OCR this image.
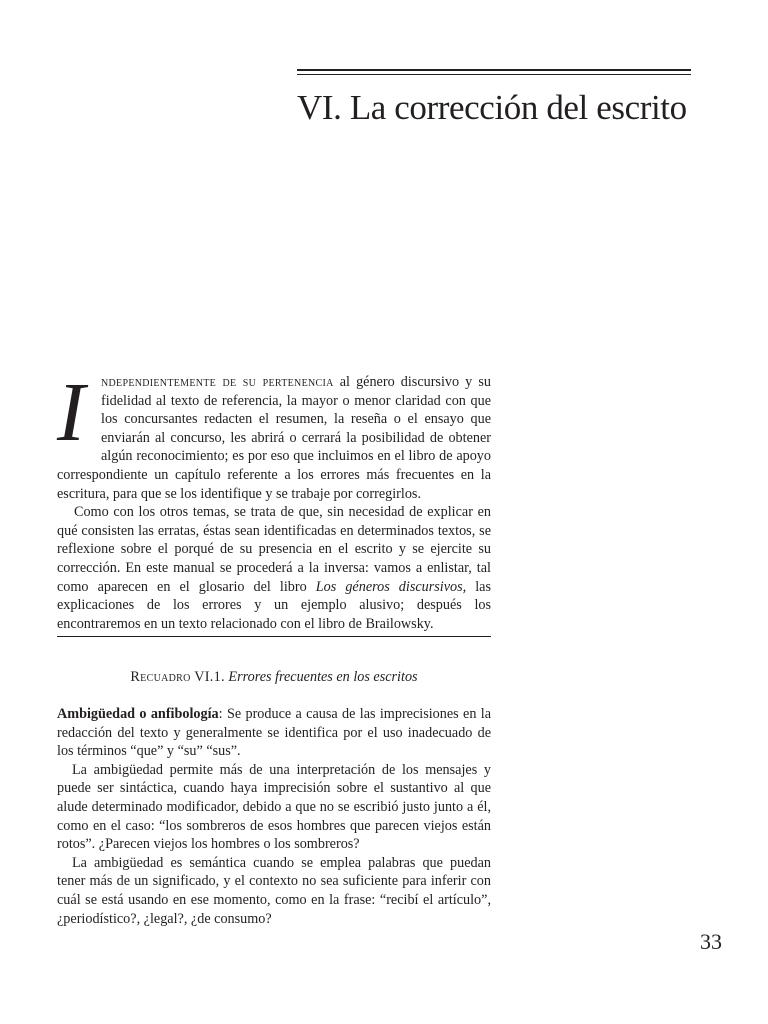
VI. La corrección del escrito

I	ndependientemente de su pertenencia al género discursivo y su fidelidad al texto de referencia, la mayor o menor claridad con que los concursantes redacten el resumen, la reseña o el ensayo que enviarán al concurso, les abrirá o cerrará la posibilidad de obtener algún reconocimiento; es por eso que incluimos en el libro de apoyo correspondiente un capítulo referente a los errores más frecuentes en la escritura, para que se los identifique y se trabaje por corregirlos.

Como con los otros temas, se trata de que, sin necesidad de explicar en qué consisten las erratas, éstas sean identificadas en determinados textos, se reflexione sobre el porqué de su presencia en el escrito y se ejercite su corrección. En este manual se procederá a la inversa: vamos a enlistar, tal como aparecen en el glosario del libro Los géneros discursivos, las explicaciones de los errores y un ejemplo alusivo; después los encontraremos en un texto relacionado con el libro de Brailowsky.

Recuadro VI.1. Errores frecuentes en los escritos

Ambigüedad o anfibología: Se produce a causa de las imprecisiones en la redacción del texto y generalmente se identifica por el uso inadecuado de los términos “que” y “su” “sus”.

La ambigüedad permite más de una interpretación de los mensajes y puede ser sintáctica, cuando haya imprecisión sobre el sustantivo al que alude determinado modificador, debido a que no se escribió justo junto a él, como en el caso: “los sombreros de esos hombres que parecen viejos están rotos”. ¿Parecen viejos los hombres o los sombreros?

La ambigüedad es semántica cuando se emplea palabras que puedan tener más de un significado, y el contexto no sea suficiente para inferir con cuál se está usando en ese momento, como en la frase: “recibí el artículo”, ¿periodístico?, ¿legal?, ¿de consumo?

33
